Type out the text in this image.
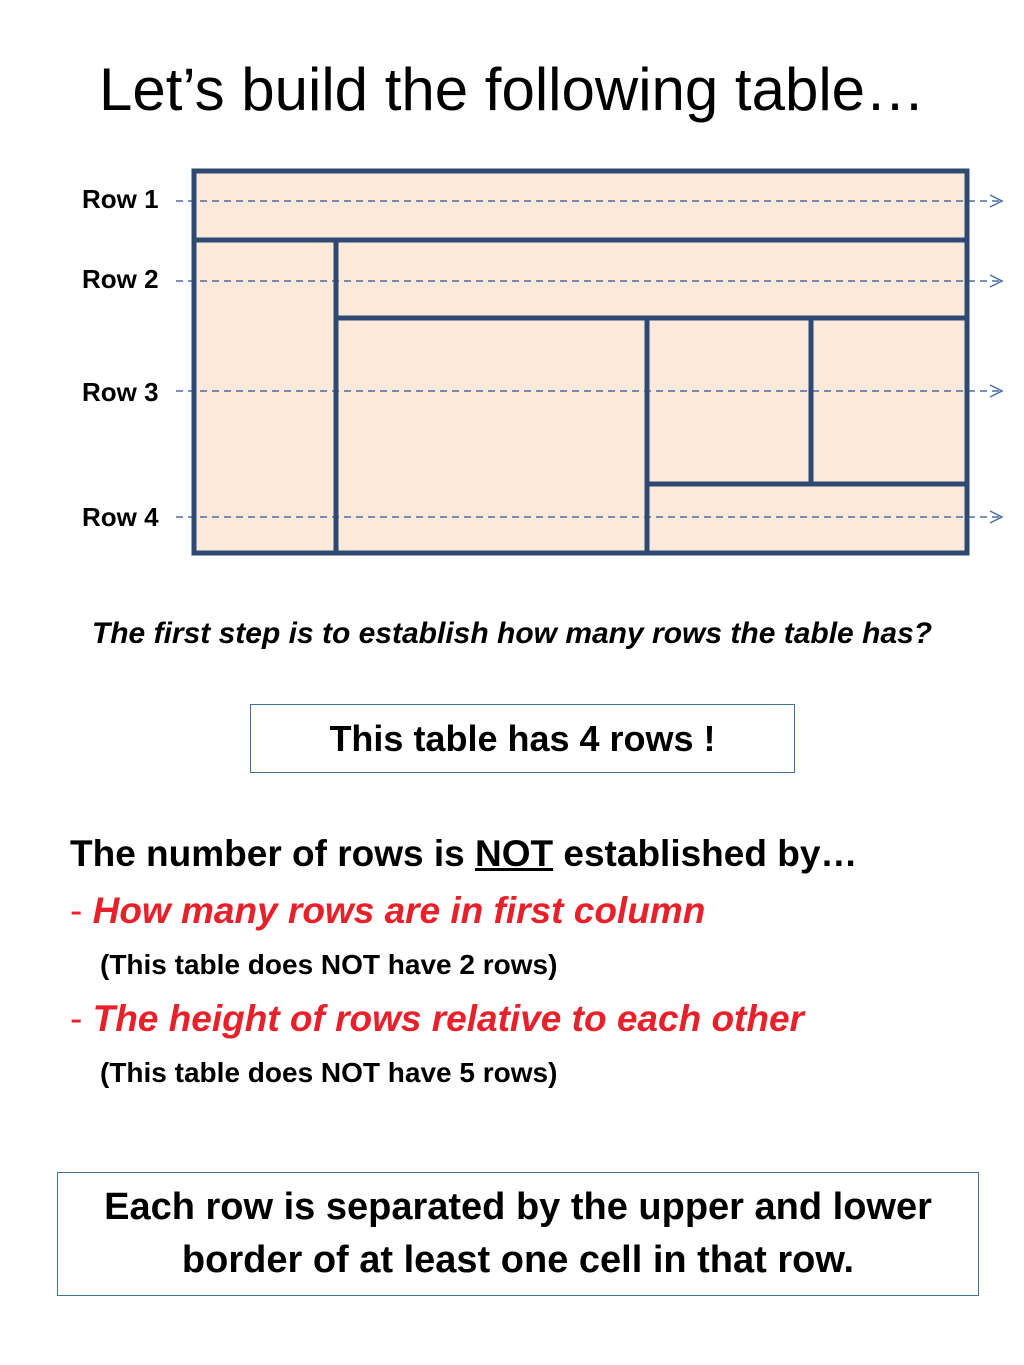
Let’s build the following table…
Row 1
Row 2
Row 3
Row 4
The first step is to establish how many rows the table has?
This table has 4 rows !
The number of rows is NOT established by…
- How many rows are in first column
(This table does NOT have 2 rows)
- The height of rows relative to each other
(This table does NOT have 5 rows)
Each row is separated by the upper and lower border of at least one cell in that row.
